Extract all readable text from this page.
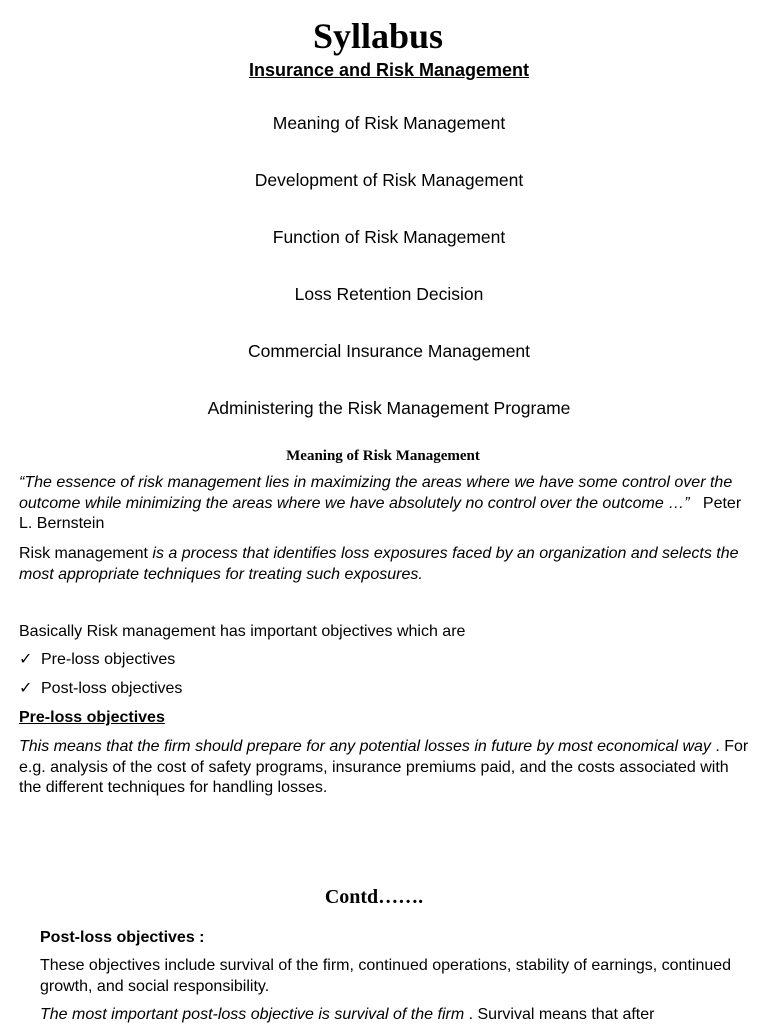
Syllabus
Insurance and Risk Management
Meaning of Risk Management
Development of Risk Management
Function of Risk Management
Loss Retention Decision
Commercial Insurance Management
Administering the Risk Management Programe
Meaning of Risk Management
“The essence of risk management lies in maximizing the areas where we have some control over the outcome while minimizing the areas where we have absolutely no control over the outcome …” Peter L. Bernstein
Risk management is a process that identifies loss exposures faced by an organization and selects the most appropriate techniques for treating such exposures.
Basically Risk management has important objectives which are
✓ Pre-loss objectives
✓ Post-loss objectives
Pre-loss objectives
This means that the firm should prepare for any potential losses in future by most economical way . For e.g. analysis of the cost of safety programs, insurance premiums paid, and the costs associated with the different techniques for handling losses.
Contd…….
Post-loss objectives :
These objectives include survival of the firm, continued operations, stability of earnings, continued growth, and social responsibility.
The most important post-loss objective is survival of the firm . Survival means that after
